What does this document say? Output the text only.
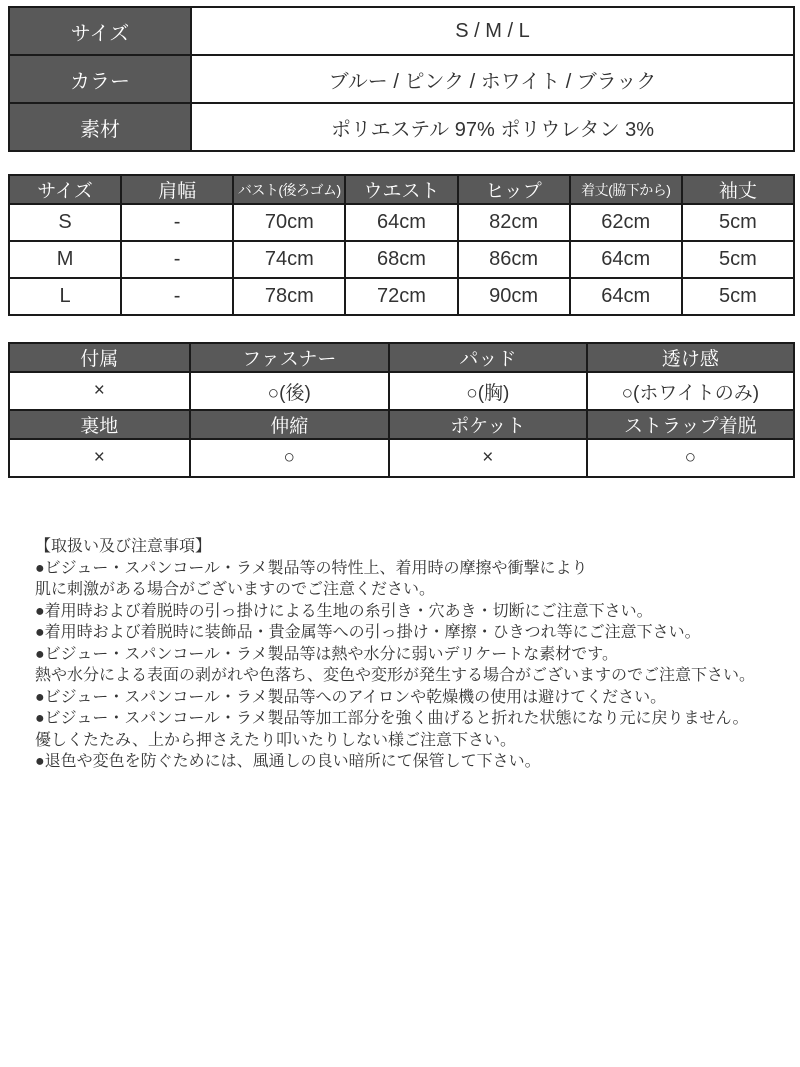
サイズ	S / M / L
カラー	ブルー / ピンク / ホワイト / ブラック
素材	ポリエステル 97% ポリウレタン 3%
サイズ	肩幅	バスト(後ろゴム)	ウエスト	ヒップ	着丈(脇下から)	袖丈
S	-	70cm	64cm	82cm	62cm	5cm
M	-	74cm	68cm	86cm	64cm	5cm
L	-	78cm	72cm	90cm	64cm	5cm
付属	ファスナー	パッド	透け感
×	○(後)	○(胸)	○(ホワイトのみ)
裏地	伸縮	ポケット	ストラップ着脱
×	○	×	○
【取扱い及び注意事項】
●ビジュー・スパンコール・ラメ製品等の特性上、着用時の摩擦や衝撃により
肌に刺激がある場合がございますのでご注意ください。
●着用時および着脱時の引っ掛けによる生地の糸引き・穴あき・切断にご注意下さい。
●着用時および着脱時に装飾品・貴金属等への引っ掛け・摩擦・ひきつれ等にご注意下さい。
●ビジュー・スパンコール・ラメ製品等は熱や水分に弱いデリケートな素材です。
熱や水分による表面の剥がれや色落ち、変色や変形が発生する場合がございますのでご注意下さい。
●ビジュー・スパンコール・ラメ製品等へのアイロンや乾燥機の使用は避けてください。
●ビジュー・スパンコール・ラメ製品等加工部分を強く曲げると折れた状態になり元に戻りません。
優しくたたみ、上から押さえたり叩いたりしない様ご注意下さい。
●退色や変色を防ぐためには、風通しの良い暗所にて保管して下さい。
